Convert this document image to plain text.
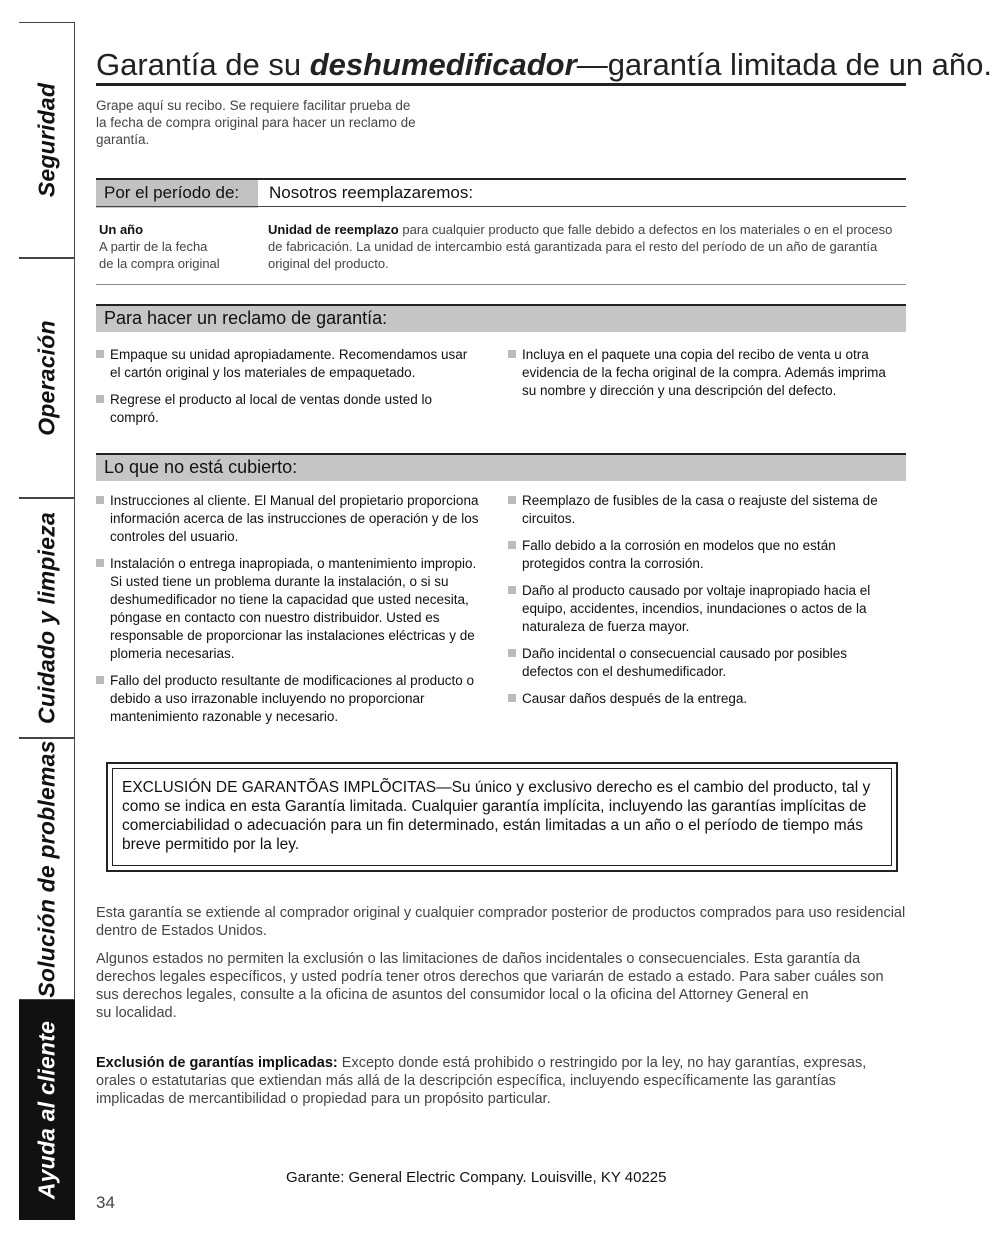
Seguridad
Operación
Cuidado y limpieza
Solución de problemas
Ayuda al cliente
Garantía de su deshumedificador—garantía limitada de un año.
Grape aquí su recibo. Se requiere facilitar prueba de la fecha de compra original para hacer un reclamo de garantía.
Por el período de: Nosotros reemplazaremos:
Un año
A partir de la fecha
de la compra original
Unidad de reemplazo para cualquier producto que falle debido a defectos en los materiales o en el proceso de fabricación. La unidad de intercambio está garantizada para el resto del período de un año de garantía original del producto.
Para hacer un reclamo de garantía:
Empaque su unidad apropiadamente. Recomendamos usar el cartón original y los materiales de empaquetado.
Regrese el producto al local de ventas donde usted lo compró.
Incluya en el paquete una copia del recibo de venta u otra evidencia de la fecha original de la compra. Además imprima su nombre y dirección y una descripción del defecto.
Lo que no está cubierto:
Instrucciones al cliente. El Manual del propietario proporciona información acerca de las instrucciones de operación y de los controles del usuario.
Instalación o entrega inapropiada, o mantenimiento impropio. Si usted tiene un problema durante la instalación, o si su deshumedificador no tiene la capacidad que usted necesita, póngase en contacto con nuestro distribuidor. Usted es responsable de proporcionar las instalaciones eléctricas y de plomeria necesarias.
Fallo del producto resultante de modificaciones al producto o debido a uso irrazonable incluyendo no proporcionar mantenimiento razonable y necesario.
Reemplazo de fusibles de la casa o reajuste del sistema de circuitos.
Fallo debido a la corrosión en modelos que no están protegidos contra la corrosión.
Daño al producto causado por voltaje inapropiado hacia el equipo, accidentes, incendios, inundaciones o actos de la naturaleza de fuerza mayor.
Daño incidental o consecuencial causado por posibles defectos con el deshumedificador.
Causar daños después de la entrega.
EXCLUSIÓN DE GARANTÕAS IMPLÕCITAS—Su único y exclusivo derecho es el cambio del producto, tal y como se indica en esta Garantía limitada. Cualquier garantía implícita, incluyendo las garantías implícitas de comerciabilidad o adecuación para un fin determinado, están limitadas a un año o el período de tiempo más breve permitido por la ley.
Esta garantía se extiende al comprador original y cualquier comprador posterior de productos comprados para uso residencial dentro de Estados Unidos.
Algunos estados no permiten la exclusión o las limitaciones de daños incidentales o consecuenciales. Esta garantía da derechos legales específicos, y usted podría tener otros derechos que variarán de estado a estado. Para saber cuáles son sus derechos legales, consulte a la oficina de asuntos del consumidor local o la oficina del Attorney General en
su localidad.
Exclusión de garantías implicadas: Excepto donde está prohibido o restringido por la ley, no hay garantías, expresas, orales o estatutarias que extiendan más allá de la descripción específica, incluyendo específicamente las garantías implicadas de mercantibilidad o propiedad para un propósito particular.
Garante: General Electric Company. Louisville, KY 40225
34
